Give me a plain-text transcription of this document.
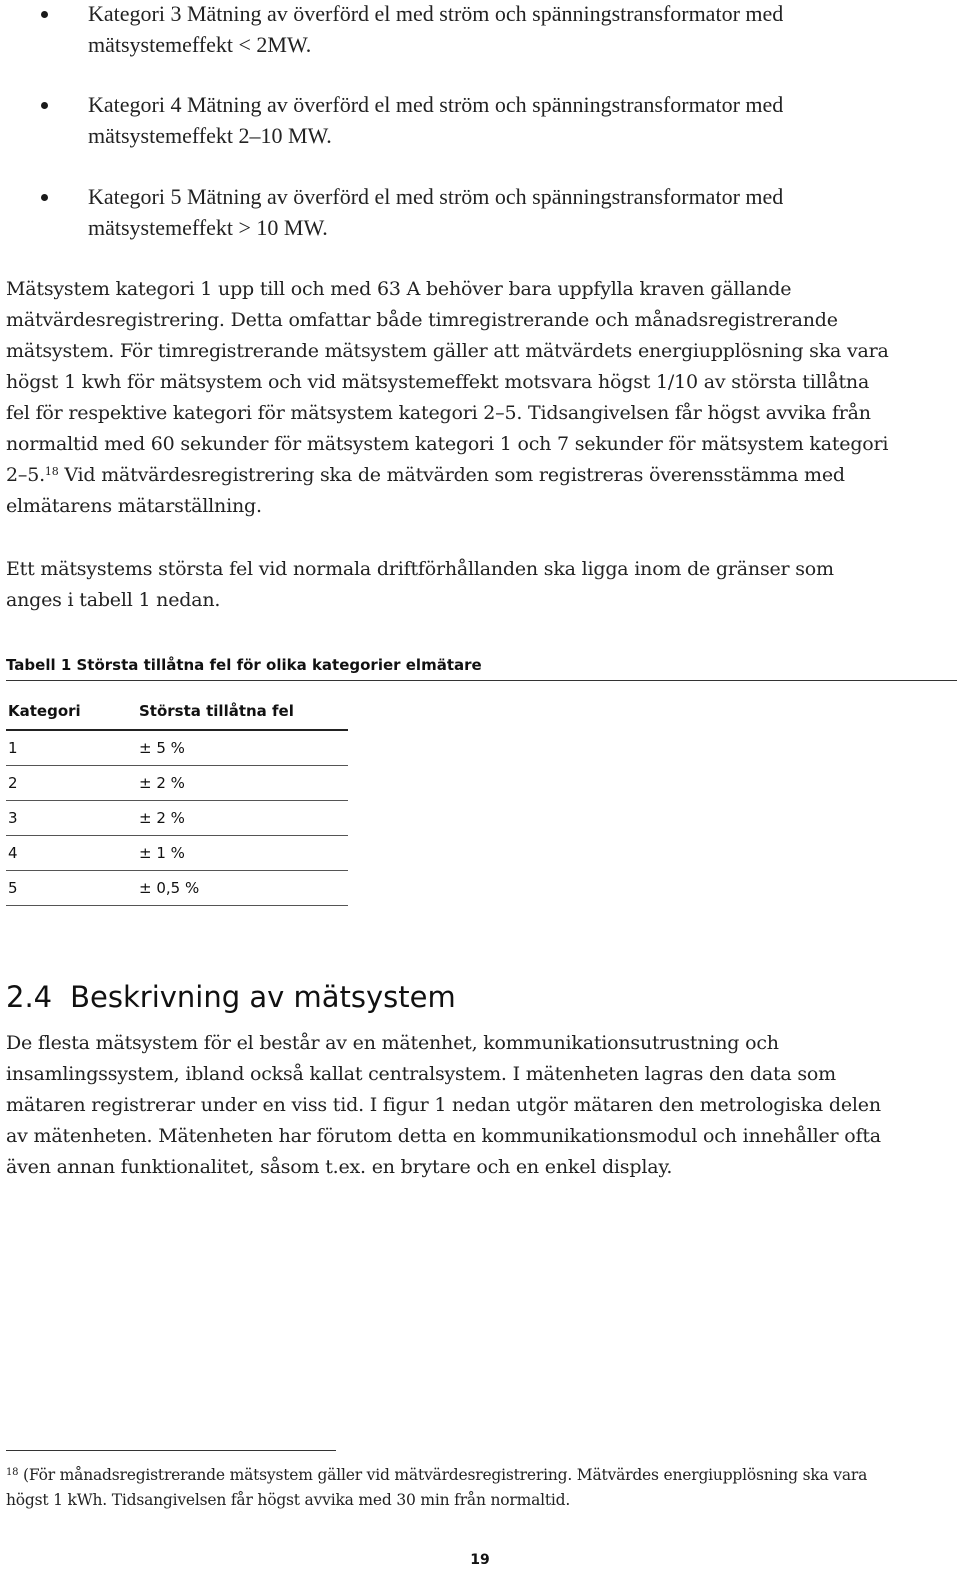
Kategori 3 Mätning av överförd el med ström och spänningstransformator med
mätsystemeffekt < 2MW.
Kategori 4 Mätning av överförd el med ström och spänningstransformator med
mätsystemeffekt 2–10 MW.
Kategori 5 Mätning av överförd el med ström och spänningstransformator med
mätsystemeffekt > 10 MW.
Mätsystem kategori 1 upp till och med 63 A behöver bara uppfylla kraven gällande
mätvärdesregistrering. Detta omfattar både timregistrerande och månadsregistrerande
mätsystem. För timregistrerande mätsystem gäller att mätvärdets energiupplösning ska vara
högst 1 kwh för mätsystem och vid mätsystemeffekt motsvara högst 1/10 av största tillåtna
fel för respektive kategori för mätsystem kategori 2–5. Tidsangivelsen får högst avvika från
normaltid med 60 sekunder för mätsystem kategori 1 och 7 sekunder för mätsystem kategori
2–5.18 Vid mätvärdesregistrering ska de mätvärden som registreras överensstämma med
elmätarens mätarställning.
Ett mätsystems största fel vid normala driftförhållanden ska ligga inom de gränser som
anges i tabell 1 nedan.
Tabell 1 Största tillåtna fel för olika kategorier elmätare
Kategori	Största tillåtna fel
1	± 5 %
2	± 2 %
3	± 2 %
4	± 1 %
5	± 0,5 %
2.4 Beskrivning av mätsystem
De flesta mätsystem för el består av en mätenhet, kommunikationsutrustning och
insamlingssystem, ibland också kallat centralsystem. I mätenheten lagras den data som
mätaren registrerar under en viss tid. I figur 1 nedan utgör mätaren den metrologiska delen
av mätenheten. Mätenheten har förutom detta en kommunikationsmodul och innehåller ofta
även annan funktionalitet, såsom t.ex. en brytare och en enkel display.
$^{18}$ (För månadsregistrerande mätsystem gäller vid mätvärdesregistrering. Mätvärdes energiupplösning ska vara
högst 1 kWh. Tidsangivelsen får högst avvika med 30 min från normaltid.
19
